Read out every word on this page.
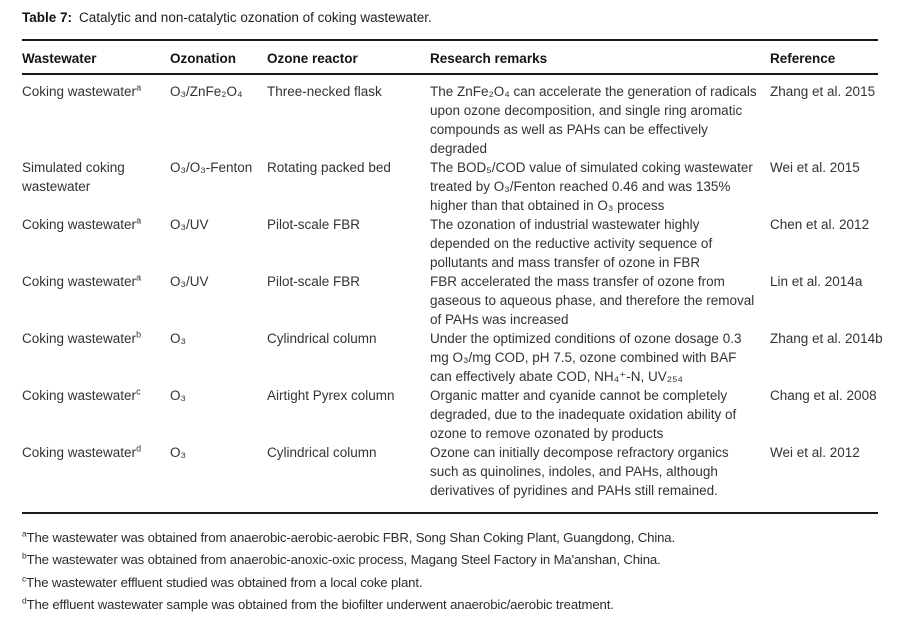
Table 7: Catalytic and non-catalytic ozonation of coking wastewater.

Wastewater	Ozonation	Ozone reactor	Research remarks	Reference
Coking wastewater$^a$	O₃/ZnFe₂O₄	Three-necked flask	The ZnFe₂O₄ can accelerate the generation of radicals upon ozone decomposition, and single ring aromatic compounds as well as PAHs can be effectively degraded	Zhang et al. 2015
Simulated coking wastewater	O₃/O₃-Fenton	Rotating packed bed	The BOD₅/COD value of simulated coking wastewater treated by O₃/Fenton reached 0.46 and was 135% higher than that obtained in O₃ process	Wei et al. 2015
Coking wastewater$^a$	O₃/UV	Pilot-scale FBR	The ozonation of industrial wastewater highly depended on the reductive activity sequence of pollutants and mass transfer of ozone in FBR	Chen et al. 2012
Coking wastewater$^a$	O₃/UV	Pilot-scale FBR	FBR accelerated the mass transfer of ozone from gaseous to aqueous phase, and therefore the removal of PAHs was increased	Lin et al. 2014a
Coking wastewater$^b$	O₃	Cylindrical column	Under the optimized conditions of ozone dosage 0.3 mg O₃/mg COD, pH 7.5, ozone combined with BAF can effectively abate COD, NH₄⁺-N, UV₂₅₄	Zhang et al. 2014b
Coking wastewater$^c$	O₃	Airtight Pyrex column	Organic matter and cyanide cannot be completely degraded, due to the inadequate oxidation ability of ozone to remove ozonated by products	Chang et al. 2008
Coking wastewater$^d$	O₃	Cylindrical column	Ozone can initially decompose refractory organics such as quinolines, indoles, and PAHs, although derivatives of pyridines and PAHs still remained.	Wei et al. 2012

$^a$The wastewater was obtained from anaerobic-aerobic-aerobic FBR, Song Shan Coking Plant, Guangdong, China.

$^b$The wastewater was obtained from anaerobic-anoxic-oxic process, Magang Steel Factory in Ma'anshan, China.

$^c$The wastewater effluent studied was obtained from a local coke plant.

$^d$The effluent wastewater sample was obtained from the biofilter underwent anaerobic/aerobic treatment.
